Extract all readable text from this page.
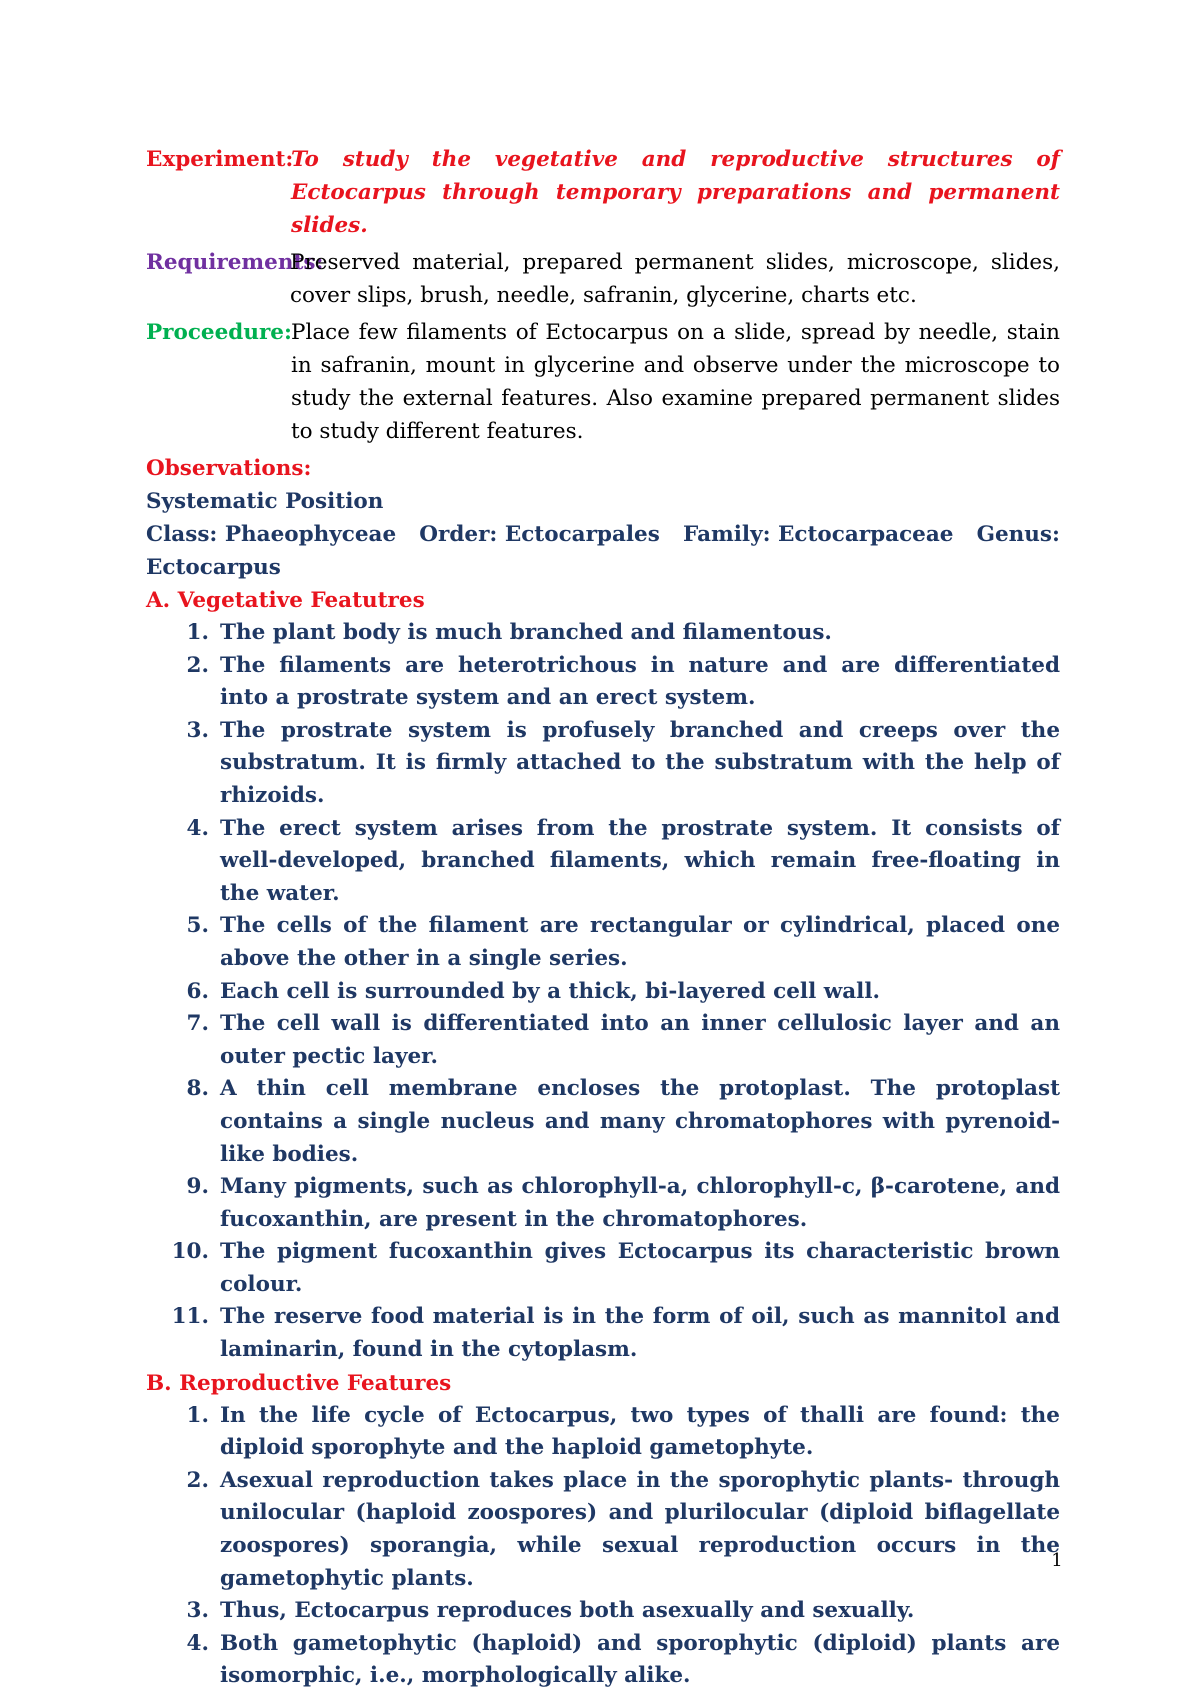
Experiment:
To study the vegetative and reproductive structures of Ectocarpus through temporary preparations and permanent slides.
Requirements:
Preserved material, prepared permanent slides, microscope, slides, cover slips, brush, needle, safranin, glycerine, charts etc.
Proceedure: Place few filaments of Ectocarpus on a slide, spread by needle, stain in safranin, mount in glycerine and observe under the microscope to study the external features. Also examine prepared permanent slides to study different features.
Observations:
Systematic Position
Class: Phaeophyceae Order: Ectocarpales Family: Ectocarpaceae Genus:
Ectocarpus
A. Vegetative Featutres
1. The plant body is much branched and filamentous.
2. The filaments are heterotrichous in nature and are differentiated into a prostrate system and an erect system.
3. The prostrate system is profusely branched and creeps over the substratum. It is firmly attached to the substratum with the help of rhizoids.
4. The erect system arises from the prostrate system. It consists of well-developed, branched filaments, which remain free-floating in the water.
5. The cells of the filament are rectangular or cylindrical, placed one above the other in a single series.
6. Each cell is surrounded by a thick, bi-layered cell wall.
7. The cell wall is differentiated into an inner cellulosic layer and an outer pectic layer.
8. A thin cell membrane encloses the protoplast. The protoplast contains a single nucleus and many chromatophores with pyrenoid-like bodies.
9. Many pigments, such as chlorophyll-a, chlorophyll-c, β-carotene, and fucoxanthin, are present in the chromatophores.
10. The pigment fucoxanthin gives Ectocarpus its characteristic brown colour.
11. The reserve food material is in the form of oil, such as mannitol and laminarin, found in the cytoplasm.
B. Reproductive Features
1. In the life cycle of Ectocarpus, two types of thalli are found: the diploid sporophyte and the haploid gametophyte.
2. Asexual reproduction takes place in the sporophytic plants- through unilocular (haploid zoospores) and plurilocular (diploid biflagellate zoospores) sporangia, while sexual reproduction occurs in the gametophytic plants.
3. Thus, Ectocarpus reproduces both asexually and sexually.
4. Both gametophytic (haploid) and sporophytic (diploid) plants are isomorphic, i.e., morphologically alike.
1
